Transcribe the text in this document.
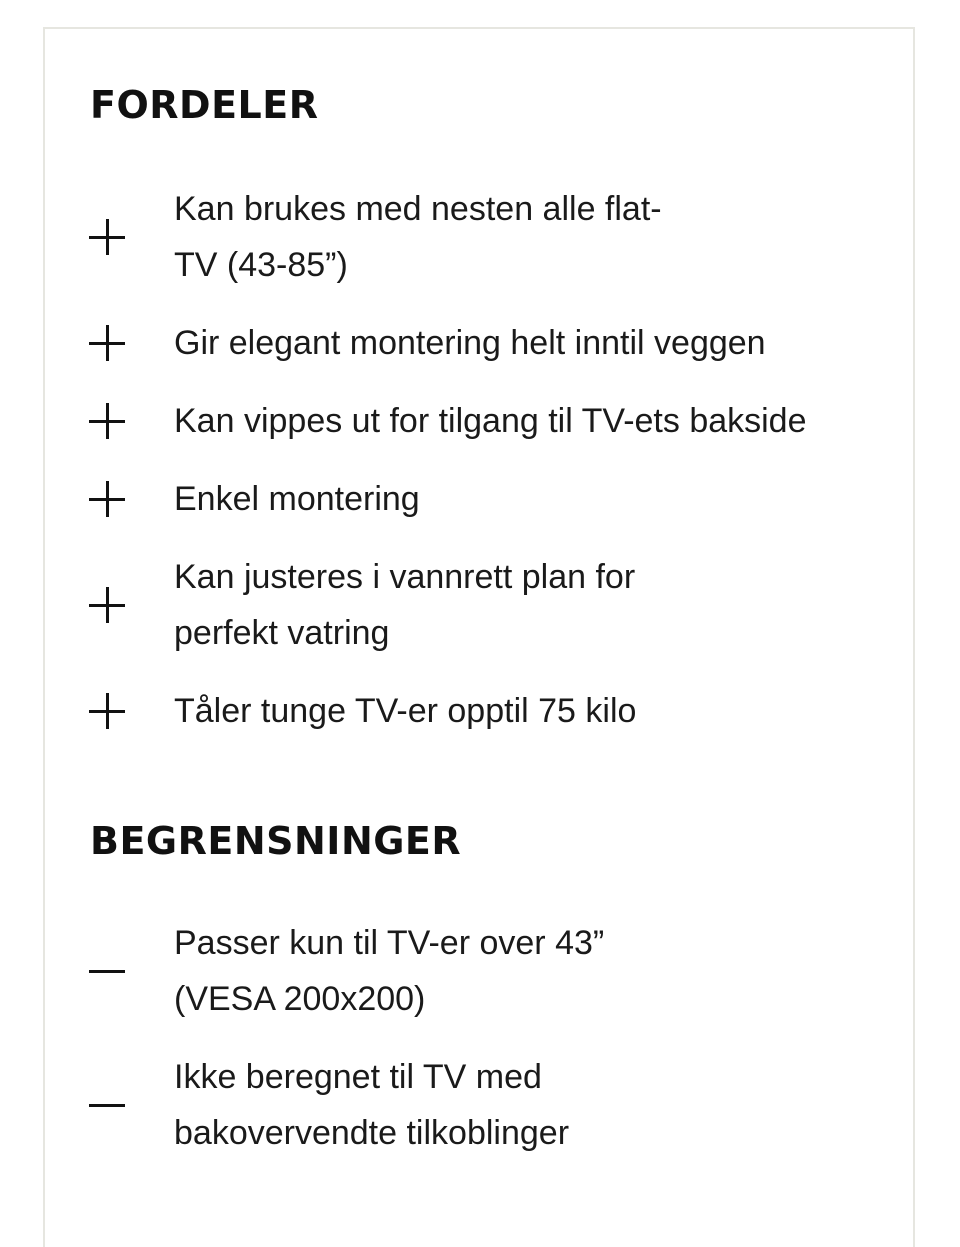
FORDELER
Kan brukes med nesten alle flat-TV (43-85”)
Gir elegant montering helt inntil veggen
Kan vippes ut for tilgang til TV-ets bakside
Enkel montering
Kan justeres i vannrett plan for perfekt vatring
Tåler tunge TV-er opptil 75 kilo
BEGRENSNINGER
Passer kun til TV-er over 43” (VESA 200x200)
Ikke beregnet til TV med bakovervendte tilkoblinger
